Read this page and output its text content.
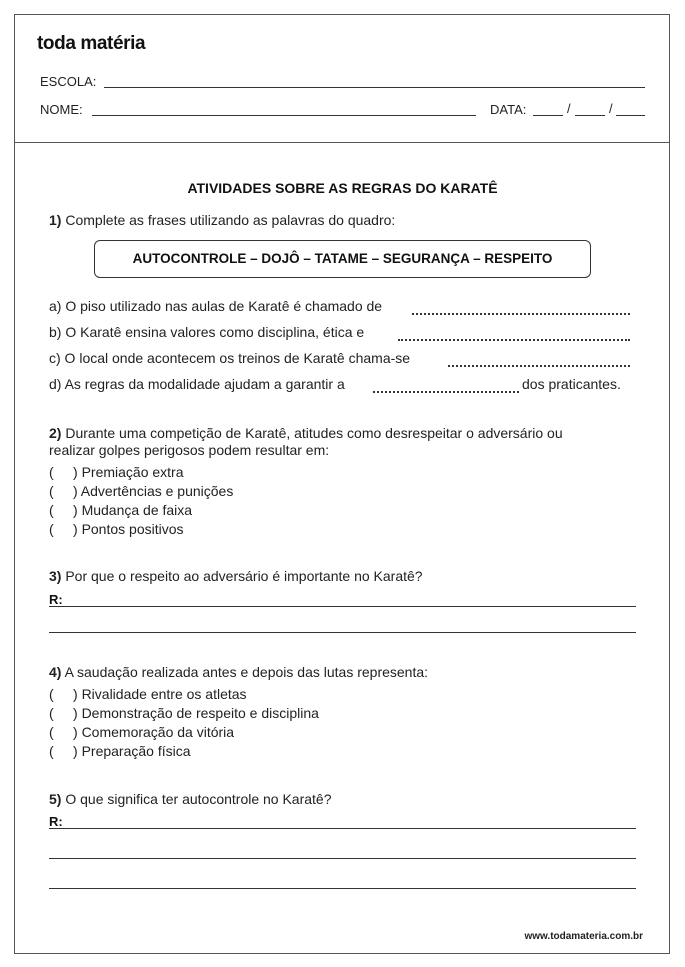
toda matéria
ESCOLA:
NOME:	DATA:	/	/
ATIVIDADES SOBRE AS REGRAS DO KARATÊ
1) Complete as frases utilizando as palavras do quadro:
AUTOCONTROLE – DOJÔ – TATAME – SEGURANÇA – RESPEITO
a) O piso utilizado nas aulas de Karatê é chamado de
b) O Karatê ensina valores como disciplina, ética e
c) O local onde acontecem os treinos de Karatê chama-se
d) As regras da modalidade ajudam a garantir a	dos praticantes.
2) Durante uma competição de Karatê, atitudes como desrespeitar o adversário ou
realizar golpes perigosos podem resultar em:
( ) Premiação extra
( ) Advertências e punições
( ) Mudança de faixa
( ) Pontos positivos
3) Por que o respeito ao adversário é importante no Karatê?
R:
4) A saudação realizada antes e depois das lutas representa:
( ) Rivalidade entre os atletas
( ) Demonstração de respeito e disciplina
( ) Comemoração da vitória
( ) Preparação física
5) O que significa ter autocontrole no Karatê?
R:
www.todamateria.com.br
